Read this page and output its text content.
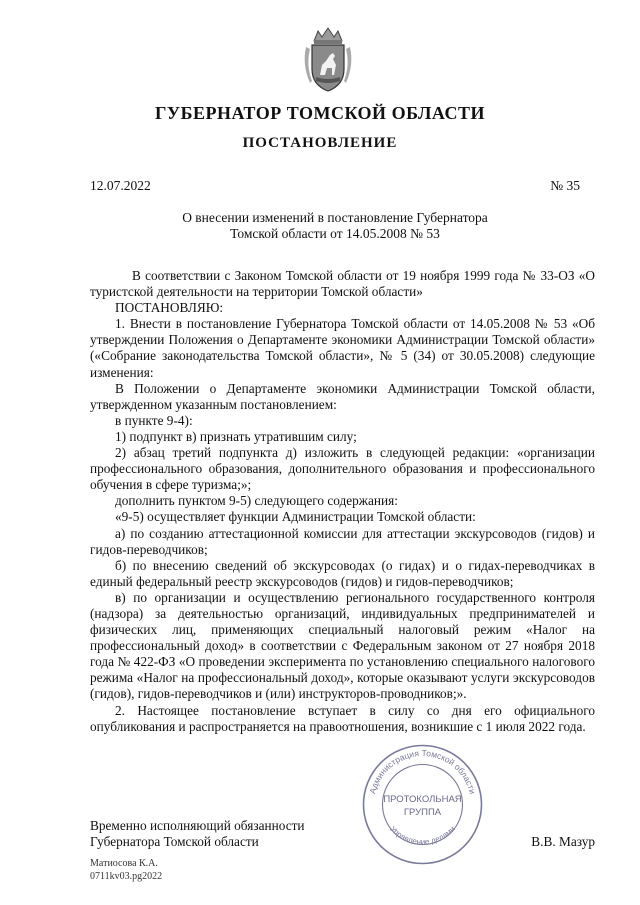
ГУБЕРНАТОР ТОМСКОЙ ОБЛАСТИ
ПОСТАНОВЛЕНИЕ
12.07.2022	№ 35
О внесении изменений в постановление Губернатора
Томской области от 14.05.2008 № 53

В соответствии с Законом Томской области от 19 ноября 1999 года № 33-ОЗ «О туристской деятельности на территории Томской области»

ПОСТАНОВЛЯЮ:

1. Внести в постановление Губернатора Томской области от 14.05.2008 № 53 «Об утверждении Положения о Департаменте экономики Администрации Томской области» («Собрание законодательства Томской области», № 5 (34) от 30.05.2008) следующие изменения:

В Положении о Департаменте экономики Администрации Томской области, утвержденном указанным постановлением:

в пункте 9-4):

1) подпункт в) признать утратившим силу;

2) абзац третий подпункта д) изложить в следующей редакции: «организации профессионального образования, дополнительного образования и профессионального обучения в сфере туризма;»;

дополнить пунктом 9-5) следующего содержания:

«9-5) осуществляет функции Администрации Томской области:

а) по созданию аттестационной комиссии для аттестации экскурсоводов (гидов) и гидов-переводчиков;

б) по внесению сведений об экскурсоводах (о гидах) и о гидах-переводчиках в единый федеральный реестр экскурсоводов (гидов) и гидов-переводчиков;

в) по организации и осуществлению регионального государственного контроля (надзора) за деятельностью организаций, индивидуальных предпринимателей и физических лиц, применяющих специальный налоговый режим «Налог на профессиональный доход» в соответствии с Федеральным законом от 27 ноября 2018 года № 422-ФЗ «О проведении эксперимента по установлению специального налогового режима «Налог на профессиональный доход», которые оказывают услуги экскурсоводов (гидов), гидов-переводчиков и (или) инструкторов-проводников;».

2. Настоящее постановление вступает в силу со дня его официального опубликования и распространяется на правоотношения, возникшие с 1 июля 2022 года.

Временно исполняющий обязанности
Губернатора Томской области	В.В. Мазур
Администрация Томской области
Управление делами
ПРОТОКОЛЬНАЯ
ГРУППА
Матиосова К.А.
0711kv03.pg2022
